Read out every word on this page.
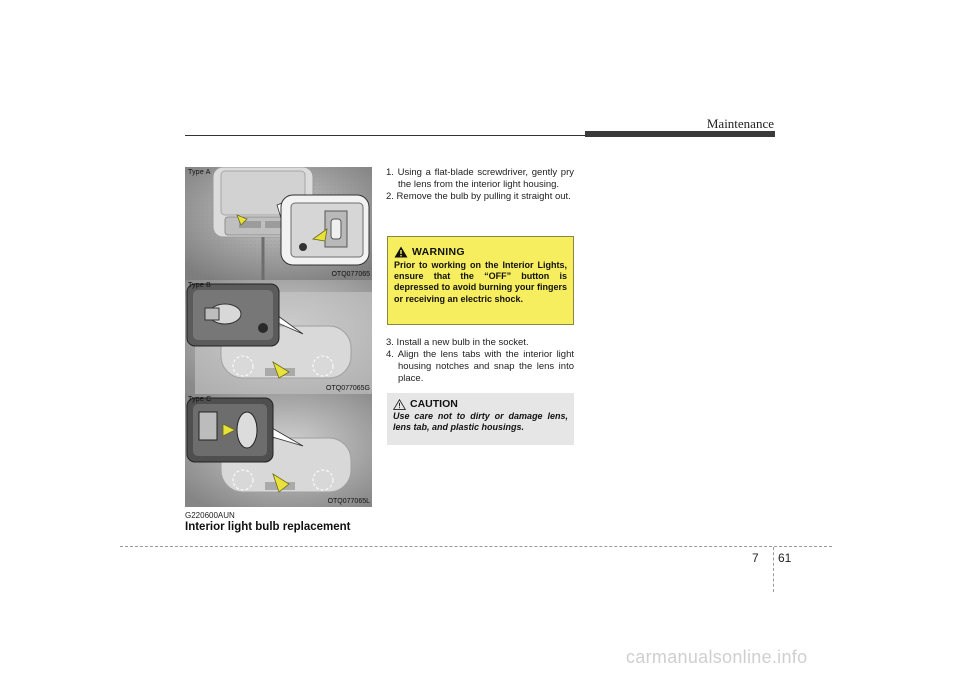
Maintenance
Type A
OTQ077065
Type B
OTQ077065G
Type C
OTQ077065L
G220600AUN
Interior light bulb replacement

1. Using a flat-blade screwdriver, gently pry the lens from the interior light housing.

2. Remove the bulb by pulling it straight out.

WARNING
Prior to working on the Interior Lights, ensure that the “OFF” button is depressed to avoid burning your fingers or receiving an electric shock.

3. Install a new bulb in the socket.

4. Align the lens tabs with the interior light housing notches and snap the lens into place.

CAUTION
Use care not to dirty or damage lens, lens tab, and plastic housings.
7 61
carmanualsonline.info
